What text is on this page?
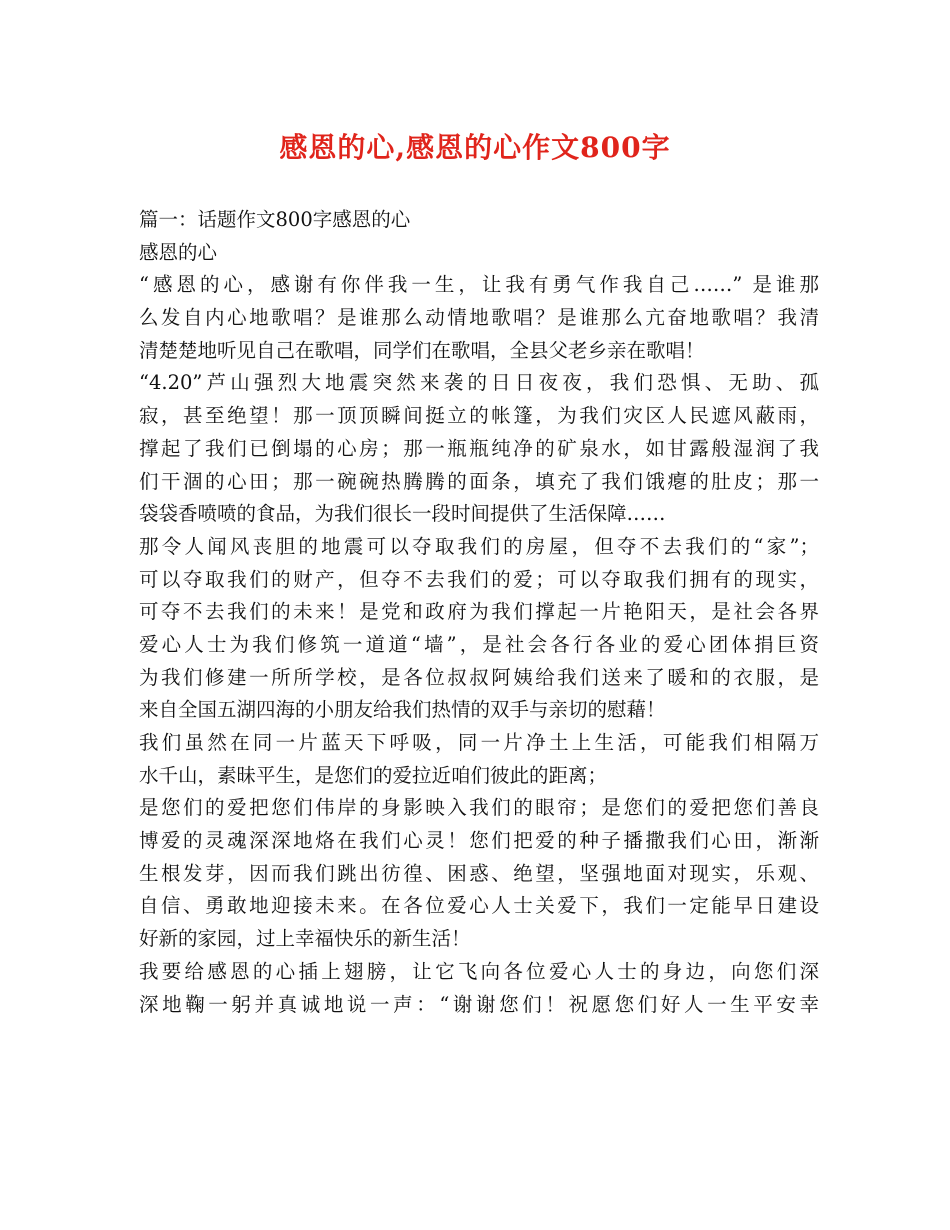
感恩的心,感恩的心作文800字
篇一：话题作文800字感恩的心
感恩的心
“感恩的心，感谢有你伴我一生，让我有勇气作我自己……” 是谁那
么发自内心地歌唱？是谁那么动情地歌唱？是谁那么亢奋地歌唱？我清
清楚楚地听见自己在歌唱，同学们在歌唱，全县父老乡亲在歌唱！
“4.20”芦山强烈大地震突然来袭的日日夜夜，我们恐惧、无助、孤
寂，甚至绝望！那一顶顶瞬间挺立的帐篷，为我们灾区人民遮风蔽雨，
撑起了我们已倒塌的心房；那一瓶瓶纯净的矿泉水，如甘露般湿润了我
们干涸的心田；那一碗碗热腾腾的面条，填充了我们饿瘪的肚皮；那一
袋袋香喷喷的食品，为我们很长一段时间提供了生活保障……
那令人闻风丧胆的地震可以夺取我们的房屋，但夺不去我们的“家”；
可以夺取我们的财产，但夺不去我们的爱；可以夺取我们拥有的现实，
可夺不去我们的未来！是党和政府为我们撑起一片艳阳天，是社会各界
爱心人士为我们修筑一道道“墙”，是社会各行各业的爱心团体捐巨资
为我们修建一所所学校，是各位叔叔阿姨给我们送来了暖和的衣服，是
来自全国五湖四海的小朋友给我们热情的双手与亲切的慰藉！
我们虽然在同一片蓝天下呼吸，同一片净土上生活，可能我们相隔万
水千山，素昧平生，是您们的爱拉近咱们彼此的距离；
是您们的爱把您们伟岸的身影映入我们的眼帘；是您们的爱把您们善良
博爱的灵魂深深地烙在我们心灵！您们把爱的种子播撒我们心田，渐渐
生根发芽，因而我们跳出彷徨、困惑、绝望，坚强地面对现实，乐观、
自信、勇敢地迎接未来。在各位爱心人士关爱下，我们一定能早日建设
好新的家园，过上幸福快乐的新生活！
我要给感恩的心插上翅膀，让它飞向各位爱心人士的身边，向您们深
深地鞠一躬并真诚地说一声：“谢谢您们！祝愿您们好人一生平安幸
